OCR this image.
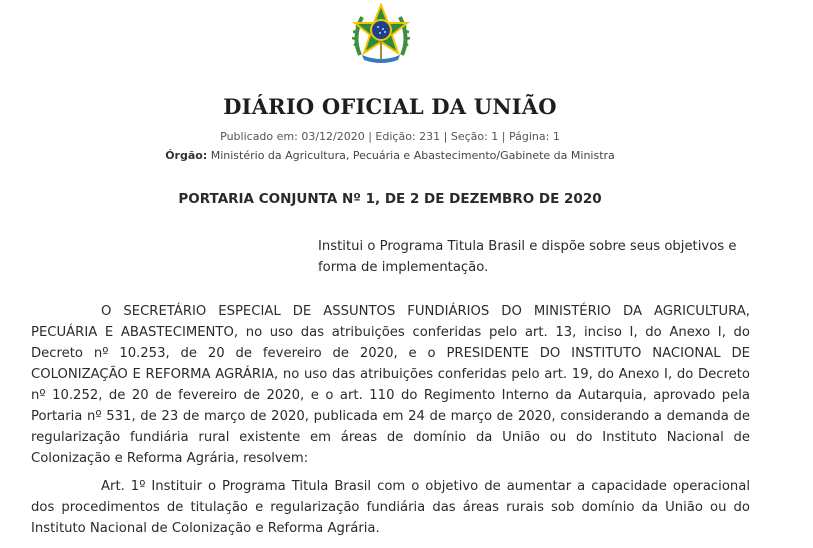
DIÁRIO OFICIAL DA UNIÃO
Publicado em: 03/12/2020 | Edição: 231 | Seção: 1 | Página: 1
Órgão: Ministério da Agricultura, Pecuária e Abastecimento/Gabinete da Ministra
PORTARIA CONJUNTA Nº 1, DE 2 DE DEZEMBRO DE 2020
Institui o Programa Titula Brasil e dispõe sobre seus objetivos e forma de implementação.

O SECRETÁRIO ESPECIAL DE ASSUNTOS FUNDIÁRIOS DO MINISTÉRIO DA AGRICULTURA, PECUÁRIA E ABASTECIMENTO, no uso das atribuições conferidas pelo art. 13, inciso I, do Anexo I, do Decreto nº 10.253, de 20 de fevereiro de 2020, e o PRESIDENTE DO INSTITUTO NACIONAL DE COLONIZAÇÃO E REFORMA AGRÁRIA, no uso das atribuições conferidas pelo art. 19, do Anexo I, do Decreto nº 10.252, de 20 de fevereiro de 2020, e o art. 110 do Regimento Interno da Autarquia, aprovado pela Portaria nº 531, de 23 de março de 2020, publicada em 24 de março de 2020, considerando a demanda de regularização fundiária rural existente em áreas de domínio da União ou do Instituto Nacional de Colonização e Reforma Agrária, resolvem:

Art. 1º Instituir o Programa Titula Brasil com o objetivo de aumentar a capacidade operacional dos procedimentos de titulação e regularização fundiária das áreas rurais sob domínio da União ou do Instituto Nacional de Colonização e Reforma Agrária.
